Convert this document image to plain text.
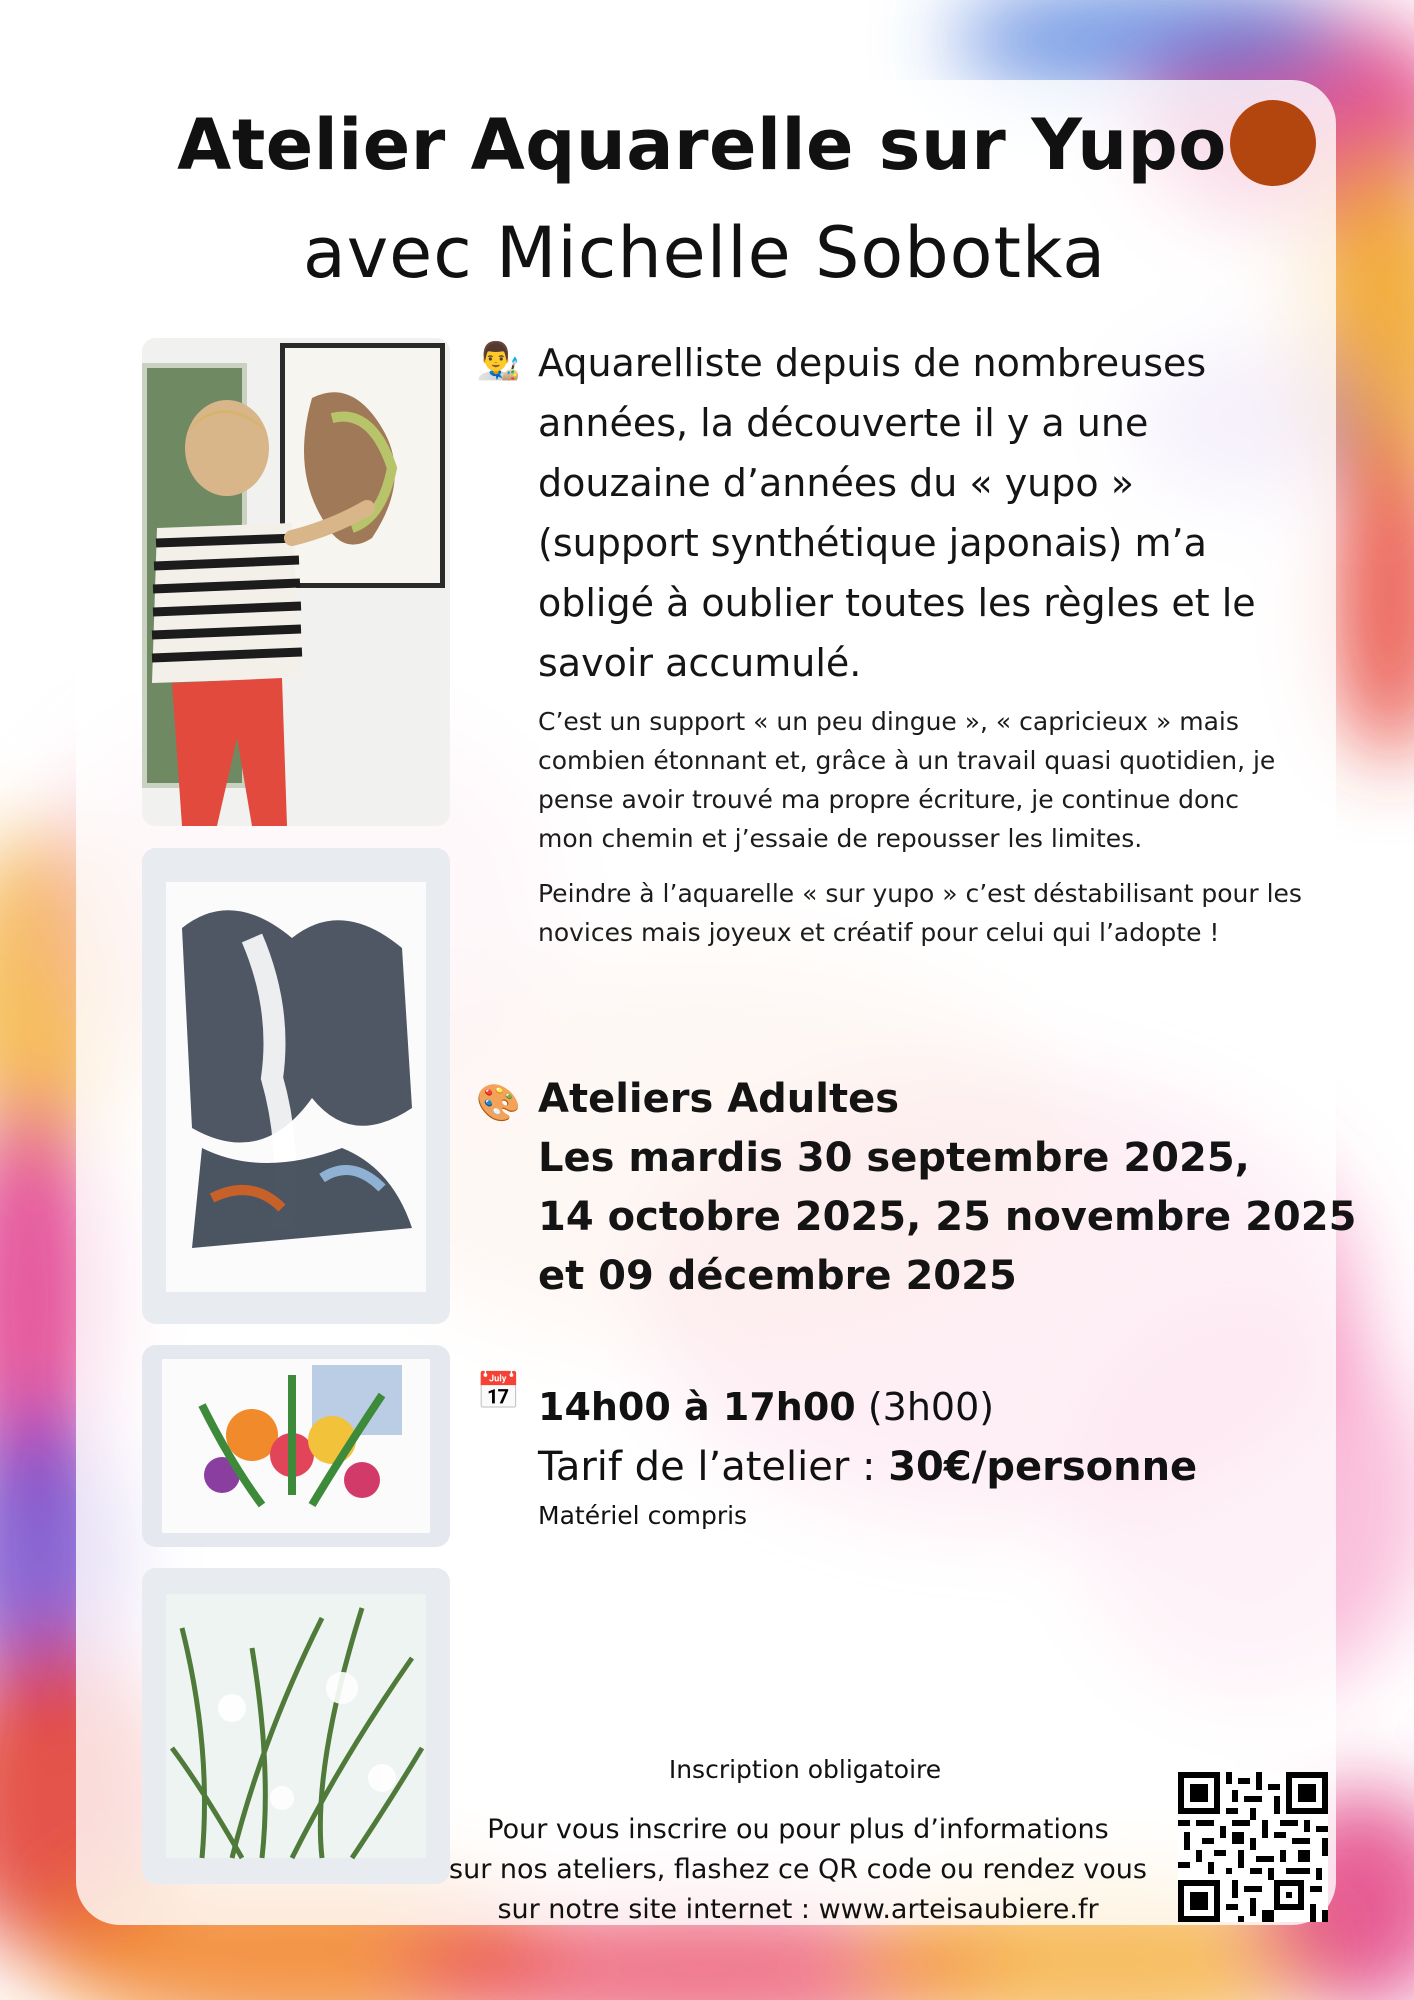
Atelier Aquarelle sur Yupo
avec Michelle Sobotka
👨‍🎨 Aquarelliste depuis de nombreuses
années, la découverte il y a une
douzaine d’années du « yupo »
(support synthétique japonais) m’a
obligé à oublier toutes les règles et le
savoir accumulé.
C’est un support « un peu dingue », « capricieux » mais
combien étonnant et, grâce à un travail quasi quotidien, je
pense avoir trouvé ma propre écriture, je continue donc
mon chemin et j’essaie de repousser les limites.
Peindre à l’aquarelle « sur yupo » c’est déstabilisant pour les
novices mais joyeux et créatif pour celui qui l’adopte !
🎨 Ateliers Adultes
Les mardis 30 septembre 2025,
14 octobre 2025, 25 novembre 2025
et 09 décembre 2025
📅 14h00 à 17h00 (3h00)
Tarif de l’atelier : 30€/personne
Matériel compris
Inscription obligatoire
Pour vous inscrire ou pour plus d’informations
sur nos ateliers, flashez ce QR code ou rendez vous
sur notre site internet : www.arteisaubiere.fr
